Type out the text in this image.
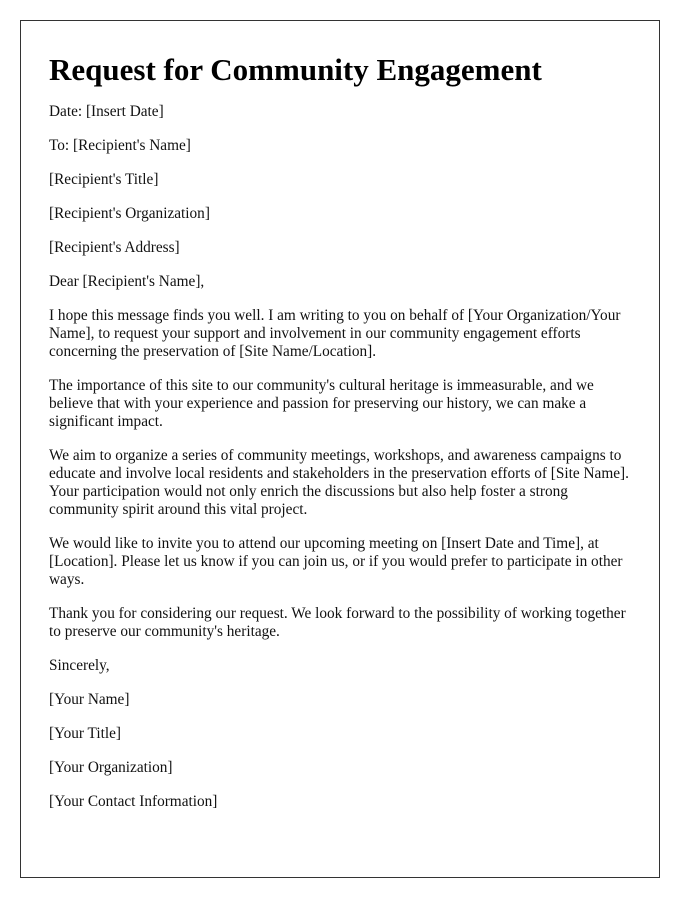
Request for Community Engagement

Date: [Insert Date]

To: [Recipient's Name]

[Recipient's Title]

[Recipient's Organization]

[Recipient's Address]

Dear [Recipient's Name],

I hope this message finds you well. I am writing to you on behalf of [Your Organization/Your Name], to request your support and involvement in our community engagement efforts concerning the preservation of [Site Name/Location].

The importance of this site to our community's cultural heritage is immeasurable, and we believe that with your experience and passion for preserving our history, we can make a significant impact.

We aim to organize a series of community meetings, workshops, and awareness campaigns to educate and involve local residents and stakeholders in the preservation efforts of [Site Name]. Your participation would not only enrich the discussions but also help foster a strong community spirit around this vital project.

We would like to invite you to attend our upcoming meeting on [Insert Date and Time], at [Location]. Please let us know if you can join us, or if you would prefer to participate in other ways.

Thank you for considering our request. We look forward to the possibility of working together to preserve our community's heritage.

Sincerely,

[Your Name]

[Your Title]

[Your Organization]

[Your Contact Information]
